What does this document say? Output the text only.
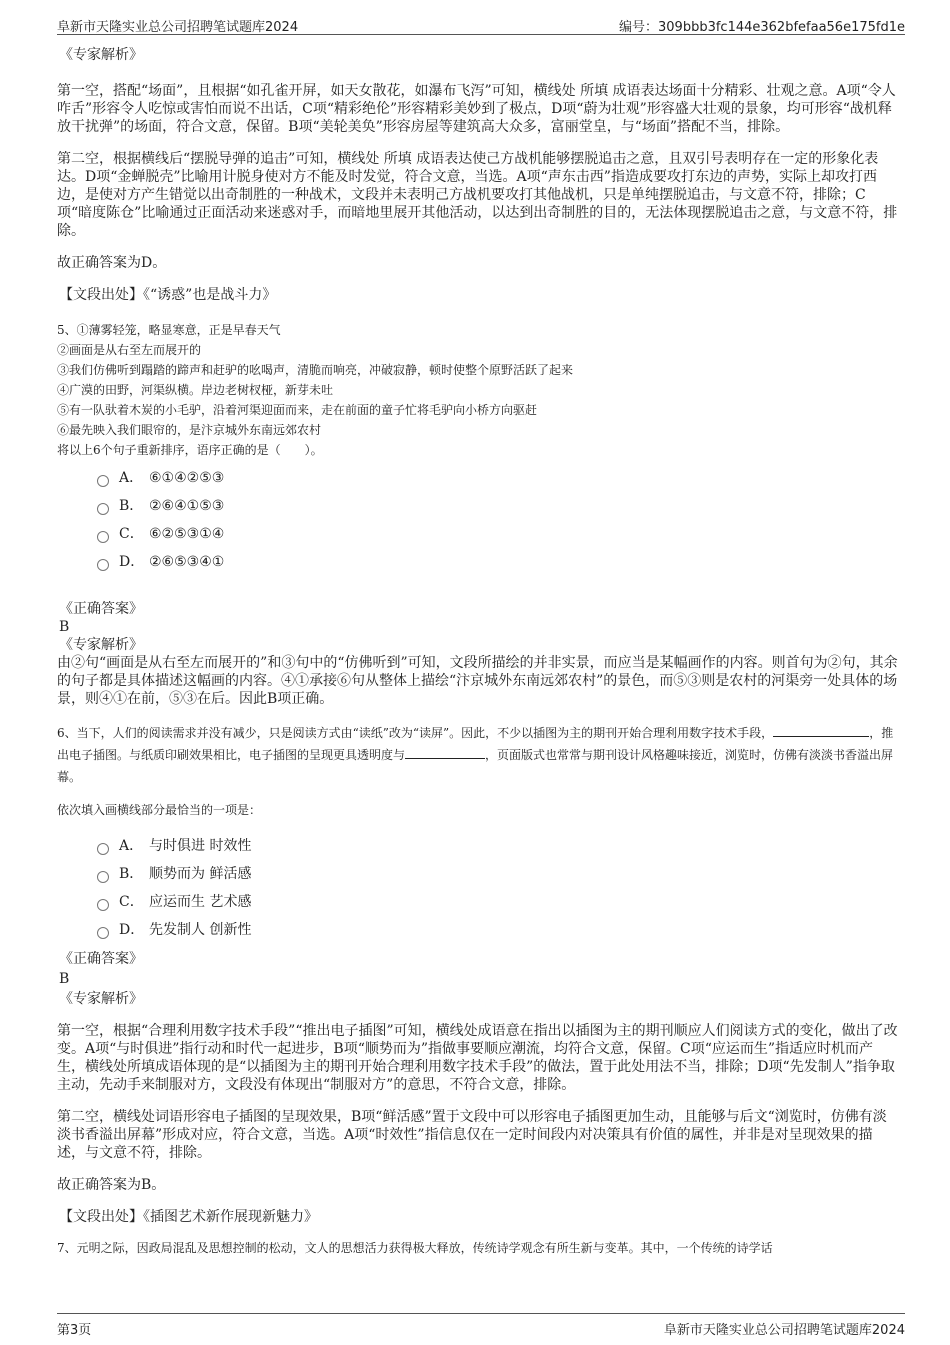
阜新市天隆实业总公司招聘笔试题库2024	编号：309bbb3fc144e362bfefaa56e175fd1e

《专家解析》

第一空，搭配“场面”，且根据“如孔雀开屏，如天女散花，如瀑布飞泻”可知，横线处 所填 成语表达场面十分精彩、壮观之意。A项“令人咋舌”形容令人吃惊或害怕而说不出话，C项“精彩绝伦”形容精彩美妙到了极点，D项“蔚为壮观”形容盛大壮观的景象，均可形容“战机释放干扰弹”的场面，符合文意，保留。B项“美轮美奂”形容房屋等建筑高大众多，富丽堂皇，与“场面”搭配不当，排除。

第二空，根据横线后“摆脱导弹的追击”可知，横线处 所填 成语表达使己方战机能够摆脱追击之意，且双引号表明存在一定的形象化表达。D项“金蝉脱壳”比喻用计脱身使对方不能及时发觉，符合文意，当选。A项“声东击西”指造成要攻打东边的声势，实际上却攻打西边，是使对方产生错觉以出奇制胜的一种战术，文段并未表明己方战机要攻打其他战机，只是单纯摆脱追击，与文意不符，排除；C项“暗度陈仓”比喻通过正面活动来迷惑对手，而暗地里展开其他活动，以达到出奇制胜的目的，无法体现摆脱追击之意，与文意不符，排除。

故正确答案为D。

【文段出处】《“诱惑”也是战斗力》

5、①薄雾轻笼，略显寒意，正是早春天气

②画面是从右至左而展开的

③我们仿佛听到蹋踏的蹄声和赶驴的吆喝声，清脆而响亮，冲破寂静，顿时使整个原野活跃了起来

④广漠的田野，河渠纵横。岸边老树杈桠，新芽未吐

⑤有一队驮着木炭的小毛驴，沿着河渠迎面而来，走在前面的童子忙将毛驴向小桥方向驱赶

⑥最先映入我们眼帘的，是汴京城外东南远郊农村

将以上6个句子重新排序，语序正确的是（　　）。

A． ⑥①④②⑤③
B． ②⑥④①⑤③
C． ⑥②⑤③①④
D． ②⑥⑤③④①

《正确答案》

B

《专家解析》

由②句“画面是从右至左而展开的”和③句中的“仿佛听到”可知，文段所描绘的并非实景，而应当是某幅画作的内容。则首句为②句，其余的句子都是具体描述这幅画的内容。④①承接⑥句从整体上描绘“汴京城外东南远郊农村”的景色，而⑤③则是农村的河渠旁一处具体的场景，则④①在前，⑤③在后。因此B项正确。

6、当下，人们的阅读需求并没有减少，只是阅读方式由“读纸”改为“读屏”。因此，不少以插图为主的期刊开始合理利用数字技术手段，	，推出电子插图。与纸质印刷效果相比，电子插图的呈现更具透明度与	，页面版式也常常与期刊设计风格趣味接近，浏览时，仿佛有淡淡书香溢出屏幕。

依次填入画横线部分最恰当的一项是：

A． 与时俱进 时效性
B． 顺势而为 鲜活感
C． 应运而生 艺术感
D． 先发制人 创新性

《正确答案》

B

《专家解析》

第一空，根据“合理利用数字技术手段”“推出电子插图”可知，横线处成语意在指出以插图为主的期刊顺应人们阅读方式的变化，做出了改变。A项“与时俱进”指行动和时代一起进步，B项“顺势而为”指做事要顺应潮流，均符合文意，保留。C项“应运而生”指适应时机而产生，横线处所填成语体现的是“以插图为主的期刊开始合理利用数字技术手段”的做法，置于此处用法不当，排除；D项“先发制人”指争取主动，先动手来制服对方，文段没有体现出“制服对方”的意思，不符合文意，排除。

第二空，横线处词语形容电子插图的呈现效果，B项“鲜活感”置于文段中可以形容电子插图更加生动，且能够与后文“浏览时，仿佛有淡淡书香溢出屏幕”形成对应，符合文意，当选。A项“时效性”指信息仅在一定时间段内对决策具有价值的属性，并非是对呈现效果的描述，与文意不符，排除。

故正确答案为B。

【文段出处】《插图艺术新作展现新魅力》

7、元明之际，因政局混乱及思想控制的松动，文人的思想活力获得极大释放，传统诗学观念有所生新与变革。其中，一个传统的诗学话

第3页	阜新市天隆实业总公司招聘笔试题库2024
